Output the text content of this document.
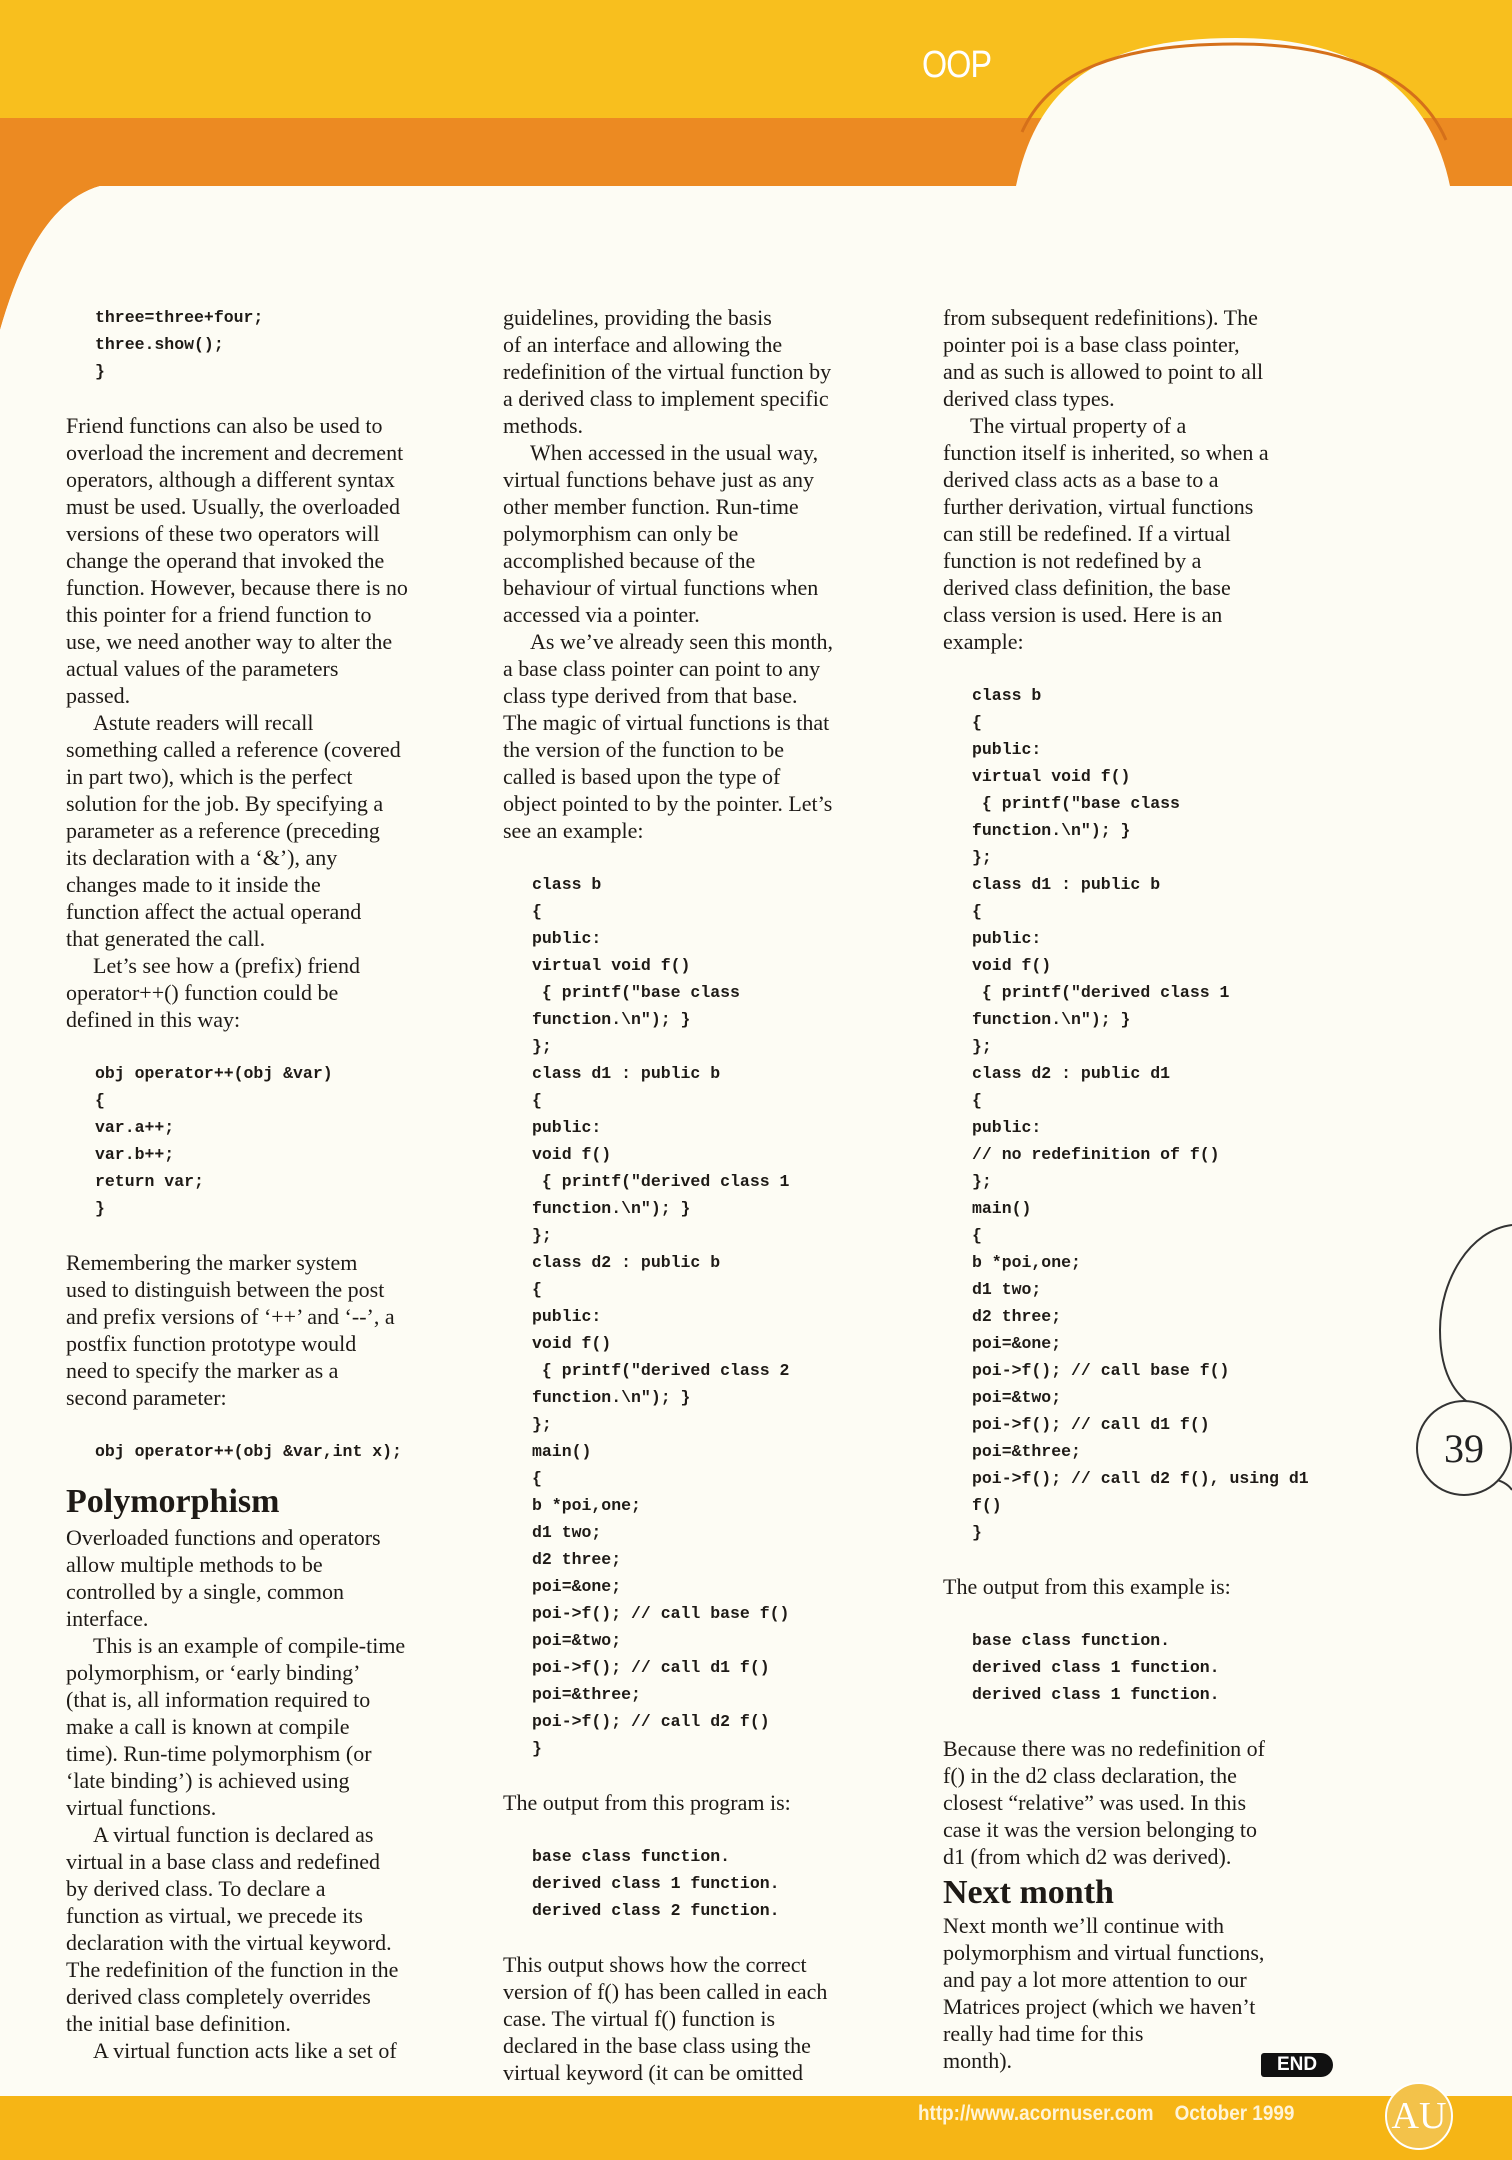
OOP
three=three+four;
three.show();
}
Friend functions can also be used to
overload the increment and decrement
operators, although a different syntax
must be used. Usually, the overloaded
versions of these two operators will
change the operand that invoked the
function. However, because there is no
this pointer for a friend function to
use, we need another way to alter the
actual values of the parameters
passed.
Astute readers will recall
something called a reference (covered
in part two), which is the perfect
solution for the job. By specifying a
parameter as a reference (preceding
its declaration with a ‘&’), any
changes made to it inside the
function affect the actual operand
that generated the call.
Let’s see how a (prefix) friend
operator++() function could be
defined in this way:
obj operator++(obj &var)
{
var.a++;
var.b++;
return var;
}
Remembering the marker system
used to distinguish between the post
and prefix versions of ‘++’ and ‘--’, a
postfix function prototype would
need to specify the marker as a
second parameter:
obj operator++(obj &var,int x);
Polymorphism
Overloaded functions and operators
allow multiple methods to be
controlled by a single, common
interface.
This is an example of compile-time
polymorphism, or ‘early binding’
(that is, all information required to
make a call is known at compile
time). Run-time polymorphism (or
‘late binding’) is achieved using
virtual functions.
A virtual function is declared as
virtual in a base class and redefined
by derived class. To declare a
function as virtual, we precede its
declaration with the virtual keyword.
The redefinition of the function in the
derived class completely overrides
the initial base definition.
A virtual function acts like a set of
guidelines, providing the basis
of an interface and allowing the
redefinition of the virtual function by
a derived class to implement specific
methods.
When accessed in the usual way,
virtual functions behave just as any
other member function. Run-time
polymorphism can only be
accomplished because of the
behaviour of virtual functions when
accessed via a pointer.
As we’ve already seen this month,
a base class pointer can point to any
class type derived from that base.
The magic of virtual functions is that
the version of the function to be
called is based upon the type of
object pointed to by the pointer. Let’s
see an example:
class b
{
public:
virtual void f()
{ printf("base class
function.\n"); }
};
class d1 : public b
{
public:
void f()
{ printf("derived class 1
function.\n"); }
};
class d2 : public b
{
public:
void f()
{ printf("derived class 2
function.\n"); }
};
main()
{
b *poi,one;
d1 two;
d2 three;
poi=&one;
poi->f(); // call base f()
poi=&two;
poi->f(); // call d1 f()
poi=&three;
poi->f(); // call d2 f()
}
The output from this program is:
base class function.
derived class 1 function.
derived class 2 function.
This output shows how the correct
version of f() has been called in each
case. The virtual f() function is
declared in the base class using the
virtual keyword (it can be omitted
from subsequent redefinitions). The
pointer poi is a base class pointer,
and as such is allowed to point to all
derived class types.
The virtual property of a
function itself is inherited, so when a
derived class acts as a base to a
further derivation, virtual functions
can still be redefined. If a virtual
function is not redefined by a
derived class definition, the base
class version is used. Here is an
example:
class b
{
public:
virtual void f()
{ printf("base class
function.\n"); }
};
class d1 : public b
{
public:
void f()
{ printf("derived class 1
function.\n"); }
};
class d2 : public d1
{
public:
// no redefinition of f()
};
main()
{
b *poi,one;
d1 two;
d2 three;
poi=&one;
poi->f(); // call base f()
poi=&two;
poi->f(); // call d1 f()
poi=&three;
poi->f(); // call d2 f(), using d1
f()
}
The output from this example is:
base class function.
derived class 1 function.
derived class 1 function.
Because there was no redefinition of
f() in the d2 class declaration, the
closest “relative” was used. In this
case it was the version belonging to
d1 (from which d2 was derived).
Next month
Next month we’ll continue with
polymorphism and virtual functions,
and pay a lot more attention to our
Matrices project (which we haven’t
really had time for this
month).
39
END
http://www.acornuser.com October 1999	AU
